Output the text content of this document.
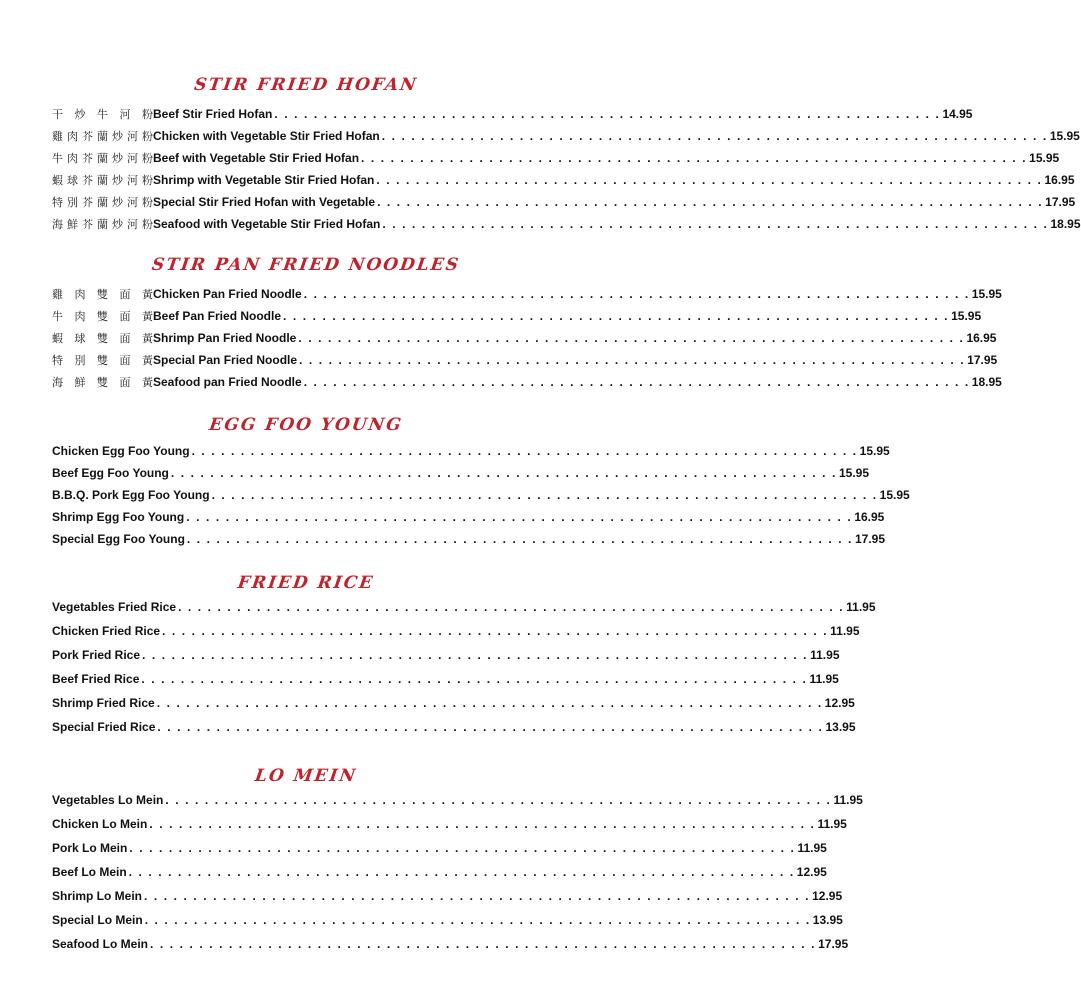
STIR FRIED HOFAN
干 炒 牛 河 粉 Beef Stir Fried Hofan . . . . . . . . . . . . . . . . . . . . . . . . . . . . . . . . . . . . . . . . . . . . . . . . . . . . . . . . . . . . . . . . . . . . 14.95
雞 肉 芥 蘭 炒 河 粉 Chicken with Vegetable Stir Fried Hofan . . . . . . . . . . . . . . . . . . . . . . . . . . . . . . . . . . . . . . . . . . . . . . . . . . . . . . . . . . . . . . . . . . . . 15.95
牛 肉 芥 蘭 炒 河 粉 Beef with Vegetable Stir Fried Hofan . . . . . . . . . . . . . . . . . . . . . . . . . . . . . . . . . . . . . . . . . . . . . . . . . . . . . . . . . . . . . . . . . . . . 15.95
蝦 球 芥 蘭 炒 河 粉 Shrimp with Vegetable Stir Fried Hofan . . . . . . . . . . . . . . . . . . . . . . . . . . . . . . . . . . . . . . . . . . . . . . . . . . . . . . . . . . . . . . . . . . . . 16.95
特 別 芥 蘭 炒 河 粉 Special Stir Fried Hofan with Vegetable . . . . . . . . . . . . . . . . . . . . . . . . . . . . . . . . . . . . . . . . . . . . . . . . . . . . . . . . . . . . . . . . . . . . 17.95
海 鮮 芥 蘭 炒 河 粉 Seafood with Vegetable Stir Fried Hofan . . . . . . . . . . . . . . . . . . . . . . . . . . . . . . . . . . . . . . . . . . . . . . . . . . . . . . . . . . . . . . . . . . . . 18.95
STIR PAN FRIED NOODLES
雞 肉 雙 面 黃 Chicken Pan Fried Noodle . . . . . . . . . . . . . . . . . . . . . . . . . . . . . . . . . . . . . . . . . . . . . . . . . . . . . . . . . . . . . . . . . . . . 15.95
牛 肉 雙 面 黃 Beef Pan Fried Noodle . . . . . . . . . . . . . . . . . . . . . . . . . . . . . . . . . . . . . . . . . . . . . . . . . . . . . . . . . . . . . . . . . . . . 15.95
蝦 球 雙 面 黃 Shrimp Pan Fried Noodle . . . . . . . . . . . . . . . . . . . . . . . . . . . . . . . . . . . . . . . . . . . . . . . . . . . . . . . . . . . . . . . . . . . . 16.95
特 別 雙 面 黃 Special Pan Fried Noodle . . . . . . . . . . . . . . . . . . . . . . . . . . . . . . . . . . . . . . . . . . . . . . . . . . . . . . . . . . . . . . . . . . . . 17.95
海 鮮 雙 面 黃 Seafood pan Fried Noodle . . . . . . . . . . . . . . . . . . . . . . . . . . . . . . . . . . . . . . . . . . . . . . . . . . . . . . . . . . . . . . . . . . . . 18.95
EGG FOO YOUNG
Chicken Egg Foo Young . . . . . . . . . . . . . . . . . . . . . . . . . . . . . . . . . . . . . . . . . . . . . . . . . . . . . . . . . . . . . . . . . . . . 15.95
Beef Egg Foo Young . . . . . . . . . . . . . . . . . . . . . . . . . . . . . . . . . . . . . . . . . . . . . . . . . . . . . . . . . . . . . . . . . . . . 15.95
B.B.Q. Pork Egg Foo Young . . . . . . . . . . . . . . . . . . . . . . . . . . . . . . . . . . . . . . . . . . . . . . . . . . . . . . . . . . . . . . . . . . . . 15.95
Shrimp Egg Foo Young . . . . . . . . . . . . . . . . . . . . . . . . . . . . . . . . . . . . . . . . . . . . . . . . . . . . . . . . . . . . . . . . . . . . 16.95
Special Egg Foo Young . . . . . . . . . . . . . . . . . . . . . . . . . . . . . . . . . . . . . . . . . . . . . . . . . . . . . . . . . . . . . . . . . . . . 17.95
FRIED RICE
Vegetables Fried Rice . . . . . . . . . . . . . . . . . . . . . . . . . . . . . . . . . . . . . . . . . . . . . . . . . . . . . . . . . . . . . . . . . . . . 11.95
Chicken Fried Rice . . . . . . . . . . . . . . . . . . . . . . . . . . . . . . . . . . . . . . . . . . . . . . . . . . . . . . . . . . . . . . . . . . . . 11.95
Pork Fried Rice . . . . . . . . . . . . . . . . . . . . . . . . . . . . . . . . . . . . . . . . . . . . . . . . . . . . . . . . . . . . . . . . . . . . 11.95
Beef Fried Rice . . . . . . . . . . . . . . . . . . . . . . . . . . . . . . . . . . . . . . . . . . . . . . . . . . . . . . . . . . . . . . . . . . . . 11.95
Shrimp Fried Rice . . . . . . . . . . . . . . . . . . . . . . . . . . . . . . . . . . . . . . . . . . . . . . . . . . . . . . . . . . . . . . . . . . . . 12.95
Special Fried Rice . . . . . . . . . . . . . . . . . . . . . . . . . . . . . . . . . . . . . . . . . . . . . . . . . . . . . . . . . . . . . . . . . . . . 13.95
LO MEIN
Vegetables Lo Mein . . . . . . . . . . . . . . . . . . . . . . . . . . . . . . . . . . . . . . . . . . . . . . . . . . . . . . . . . . . . . . . . . . . . 11.95
Chicken Lo Mein . . . . . . . . . . . . . . . . . . . . . . . . . . . . . . . . . . . . . . . . . . . . . . . . . . . . . . . . . . . . . . . . . . . . 11.95
Pork Lo Mein . . . . . . . . . . . . . . . . . . . . . . . . . . . . . . . . . . . . . . . . . . . . . . . . . . . . . . . . . . . . . . . . . . . . 11.95
Beef Lo Mein . . . . . . . . . . . . . . . . . . . . . . . . . . . . . . . . . . . . . . . . . . . . . . . . . . . . . . . . . . . . . . . . . . . . 12.95
Shrimp Lo Mein . . . . . . . . . . . . . . . . . . . . . . . . . . . . . . . . . . . . . . . . . . . . . . . . . . . . . . . . . . . . . . . . . . . . 12.95
Special Lo Mein . . . . . . . . . . . . . . . . . . . . . . . . . . . . . . . . . . . . . . . . . . . . . . . . . . . . . . . . . . . . . . . . . . . . 13.95
Seafood Lo Mein . . . . . . . . . . . . . . . . . . . . . . . . . . . . . . . . . . . . . . . . . . . . . . . . . . . . . . . . . . . . . . . . . . . . 17.95
